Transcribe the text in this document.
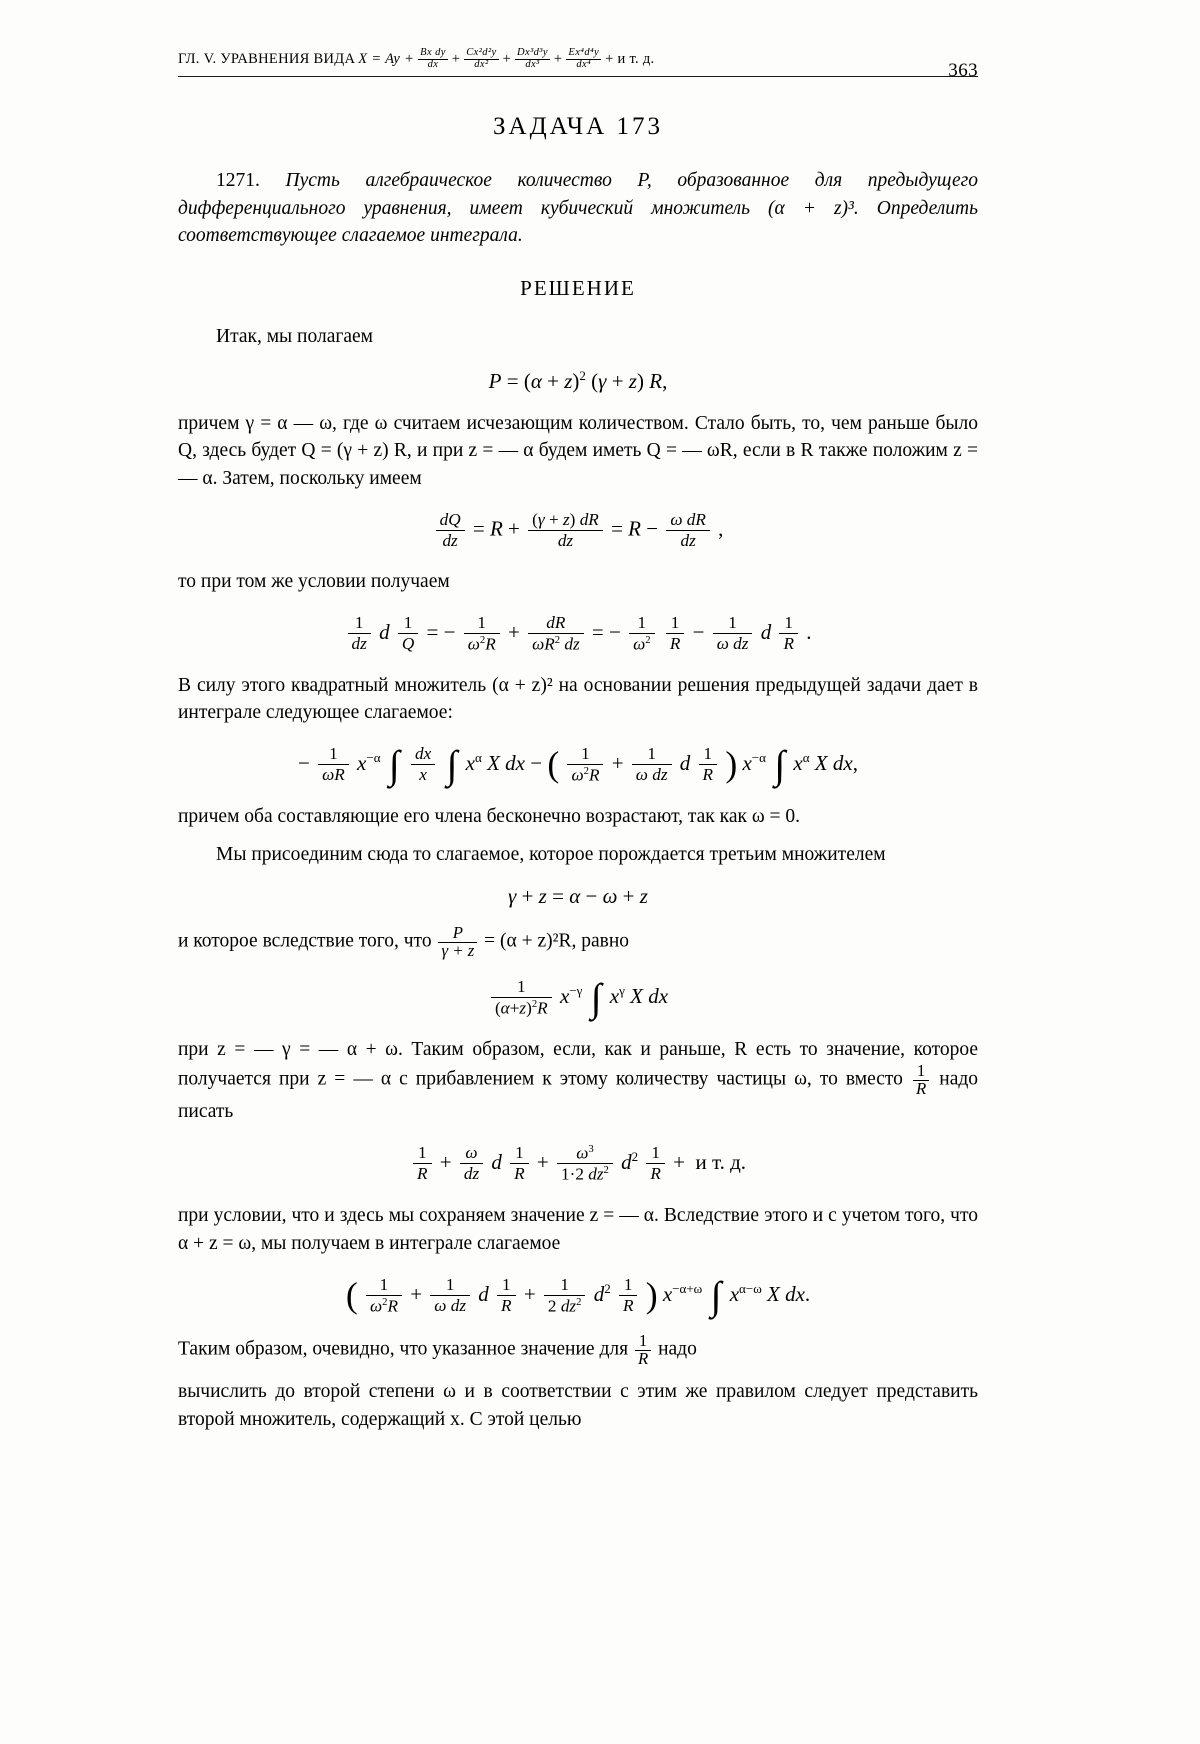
ГЛ. V. УРАВНЕНИЯ ВИДА $X = Ay + \frac{\text{Bx dy}}{dx} + \frac{\text{Cx²d²y}}{\text{dx²}} + \frac{\text{Dx³d³y}}{\text{dx³}} + \frac{\text{Ex⁴d⁴y}}{\text{dx⁴}} + и$ т. д.
363
ЗАДАЧА 173

1271. Пусть алгебраическое количество P, образованное для предыдущего дифференциального уравнения, имеет кубический множитель (α + z)³. Определить соответствующее слагаемое интеграла.

РЕШЕНИЕ

Итак, мы полагаем

$P = (\alpha + z)^2$ (γ + z) R,

причем γ = α — ω, где ω считаем исчезающим количеством. Стало быть, то, чем раньше было Q, здесь будет Q = (γ + z) R, и при z = — α будем иметь Q = — ωR, если в R также положим z = — α. Затем, поскольку имеем

$\frac{dQ}{dz} = R + \frac{(\gamma + z) dR}{dz} = R - \frac{\text{ω dR}}{dz}$ ,

то при том же условии получаем

$\frac{1}{dz}$ d $\frac{1}{Q}$ = − $\frac{1}{\omega^2R} + \frac{dR}{\omega R^2 dz}$ = − $\frac{1}{\omega^2}$
$\frac{1}{R} - \frac{1}{\text{ω dz}}$ d $\frac{1}{R}$ .

В силу этого квадратный множитель (α + z)² на основании решения предыдущей задачи дает в интеграле следующее слагаемое:

− $\frac{1}{\omega R} x^{-\alpha}$ ∫ $\frac{dx}{x}$ ∫ $x^\alpha$ X dx − ( $\frac{1}{\omega^2R} + \frac{1}{\text{ω dz}}$ d $\frac{1}{R}$ ) $x^{-\alpha}$ ∫ $x^\alpha$ X dx,

причем оба составляющие его члена бесконечно возрастают, так как ω = 0.

Мы присоединим сюда то слагаемое, которое порождается третьим множителем

γ + z = α − ω + z

и которое вследствие того, что $\frac{P}{\gamma + z} = (\alpha + z)^2R$, равно

$\frac{1}{(\alpha+z)^2R} x^{-\gamma}$ ∫ $x^\gamma$ X dx

при z = — γ = — α + ω. Таким образом, если, как и раньше, R есть то значение, которое получается при z = — α с прибавлением к этому количеству частицы ω, то вместо $\frac{1}{R}$ надо писать

$\frac{1}{R} + \frac{\omega}{dz}$ d $\frac{1}{R} + \frac{\omega^3}{1\cdot 2 dz^2} d^2 \frac{1}{R} + и$ т. д.

при условии, что и здесь мы сохраняем значение z = — α. Вследствие этого и с учетом того, что α + z = ω, мы получаем в интеграле слагаемое

( $\frac{1}{\omega^2R} + \frac{1}{\text{ω dz}}$ d $\frac{1}{R} + \frac{1}{2 dz^2} d^2 \frac{1}{R}$ ) $x^{-\alpha+\omega}$ ∫ $x^{\alpha-\omega}$ X dx.

Таким образом, очевидно, что указанное значение для $\frac{1}{R}$ надо

вычислить до второй степени ω и в соответствии с этим же правилом следует представить второй множитель, содержащий x. С этой целью
